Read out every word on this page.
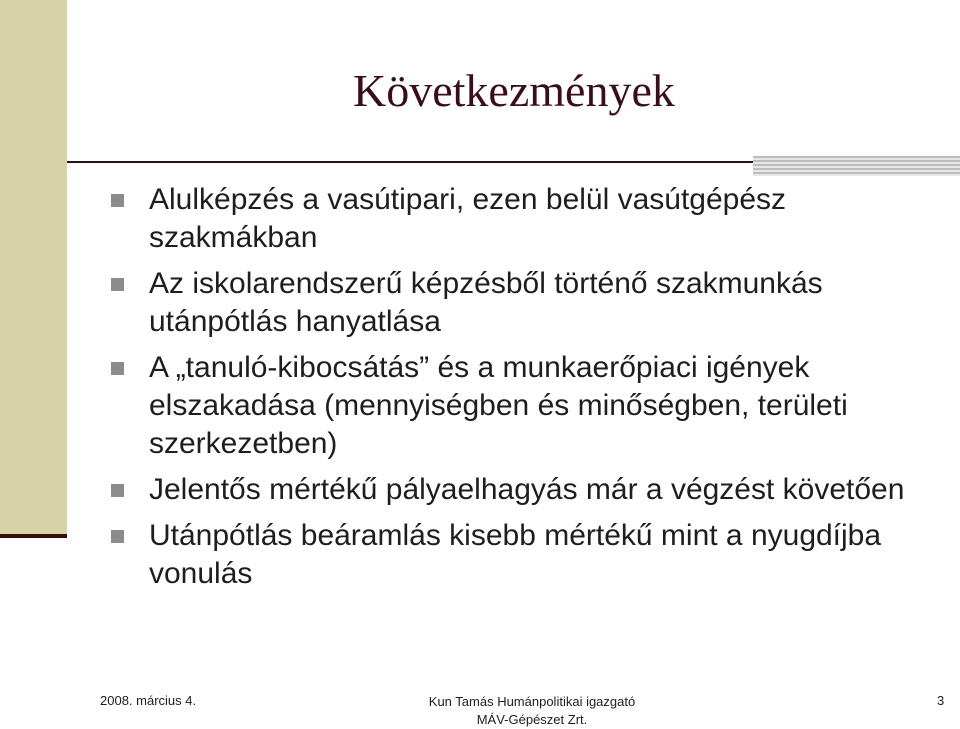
Következmények
Alulképzés a vasútipari, ezen belül vasútgépész szakmákban
Az iskolarendszerű képzésből történő szakmunkás utánpótlás hanyatlása
A „tanuló-kibocsátás” és a munkaerőpiaci igények elszakadása (mennyiségben és minőségben, területi szerkezetben)
Jelentős mértékű pályaelhagyás már a végzést követően
Utánpótlás beáramlás kisebb mértékű mint a nyugdíjba vonulás
2008. március 4.	Kun Tamás Humánpolitikai igazgató
MÁV-Gépészet Zrt.
3
